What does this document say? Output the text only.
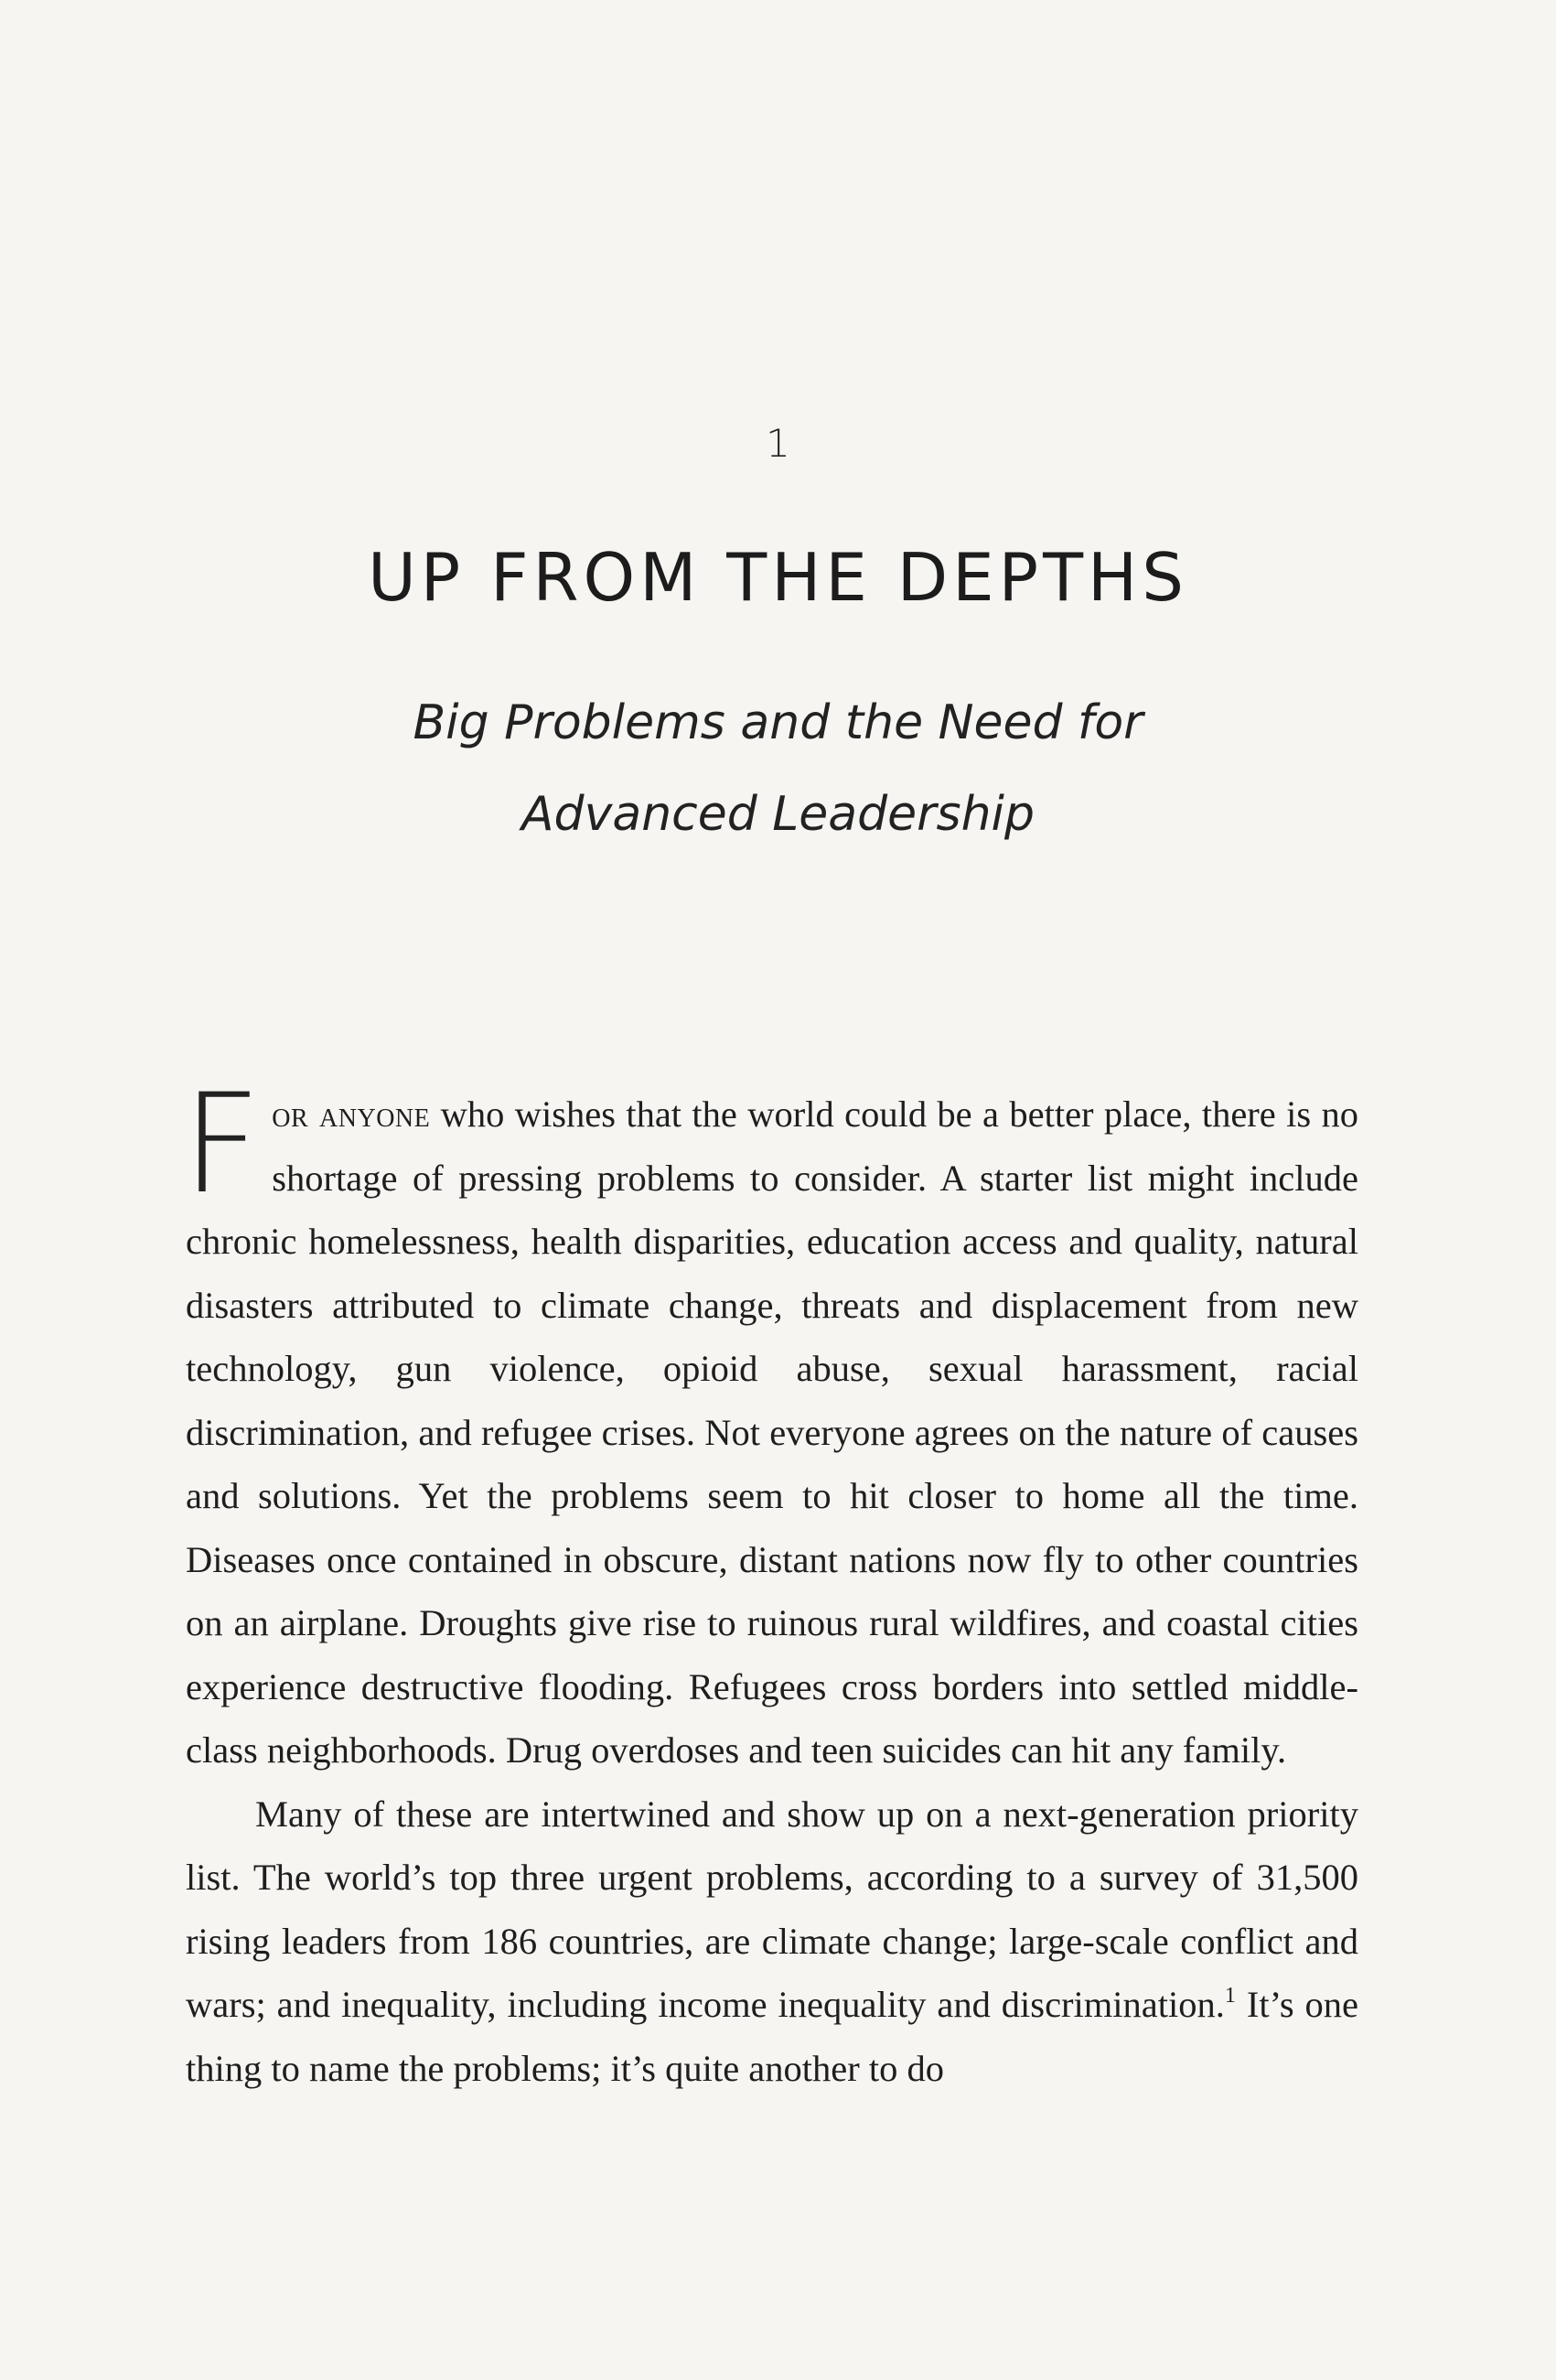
1
UP FROM THE DEPTHS
Big Problems and the Need for
Advanced Leadership

For anyone who wishes that the world could be a better place, there is no shortage of pressing problems to consider. A starter list might include chronic homelessness, health disparities, education access and quality, natural disasters attributed to climate change, threats and displacement from new technology, gun violence, opioid abuse, sexual harassment, racial discrimination, and refugee crises. Not everyone agrees on the nature of causes and solutions. Yet the problems seem to hit closer to home all the time. Diseases once contained in obscure, distant nations now fly to other countries on an airplane. Droughts give rise to ruinous rural wildfires, and coastal cities experience destructive flooding. Refugees cross borders into settled middle-class neighborhoods. Drug overdoses and teen suicides can hit any family.

Many of these are intertwined and show up on a next-generation priority list. The world’s top three urgent problems, according to a survey of 31,500 rising leaders from 186 countries, are climate change; large-scale conflict and wars; and inequality, including income inequality and discrimination.$^1$ It’s one thing to name the problems; it’s quite another to do
